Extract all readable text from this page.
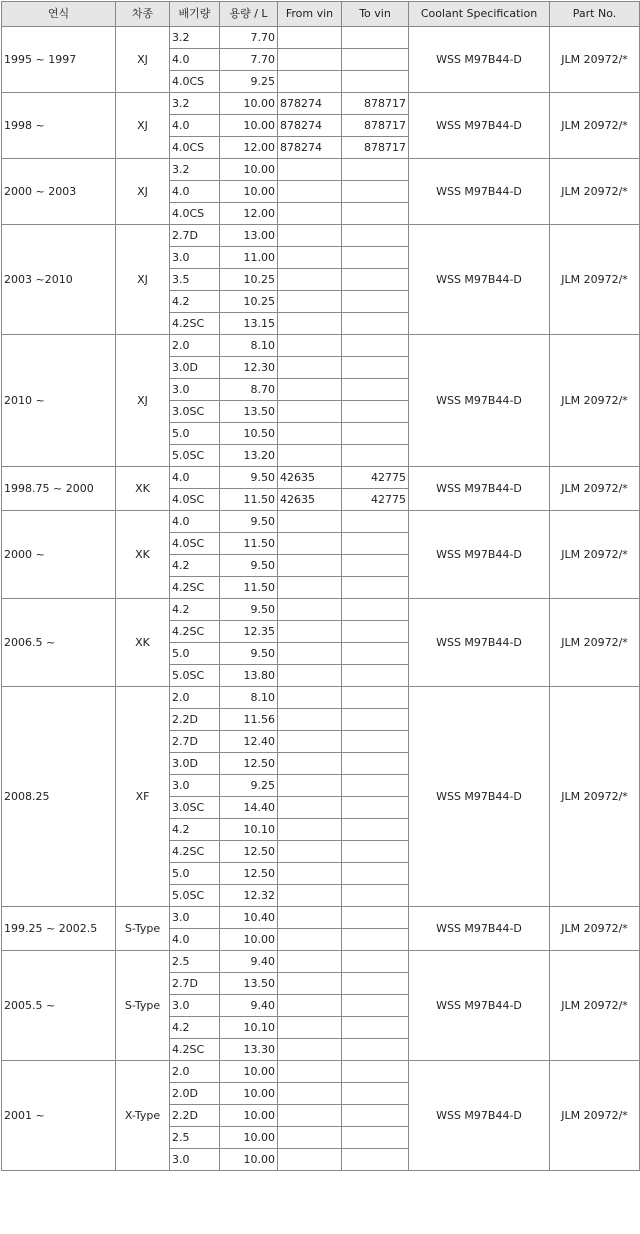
연식	차종	배기량	용량 / L	From vin	To vin	Coolant Specification	Part No.
1995 ~ 1997	XJ	3.2	7.70			WSS M97B44-D	JLM 20972/*
		4.0	7.70				
		4.0CS	9.25				
1998 ~	XJ	3.2	10.00	878274	878717	WSS M97B44-D	JLM 20972/*
		4.0	10.00	878274	878717		
		4.0CS	12.00	878274	878717		
2000 ~ 2003	XJ	3.2	10.00			WSS M97B44-D	JLM 20972/*
		4.0	10.00				
		4.0CS	12.00				
2003 ~2010	XJ	2.7D	13.00			WSS M97B44-D	JLM 20972/*
		3.0	11.00				
		3.5	10.25				
		4.2	10.25				
		4.2SC	13.15				
2010 ~	XJ	2.0	8.10			WSS M97B44-D	JLM 20972/*
		3.0D	12.30				
		3.0	8.70				
		3.0SC	13.50				
		5.0	10.50				
		5.0SC	13.20				
1998.75 ~ 2000	XK	4.0	9.50	42635	42775	WSS M97B44-D	JLM 20972/*
		4.0SC	11.50	42635	42775		
2000 ~	XK	4.0	9.50			WSS M97B44-D	JLM 20972/*
		4.0SC	11.50				
		4.2	9.50				
		4.2SC	11.50				
2006.5 ~	XK	4.2	9.50			WSS M97B44-D	JLM 20972/*
		4.2SC	12.35				
		5.0	9.50				
		5.0SC	13.80				
2008.25	XF	2.0	8.10			WSS M97B44-D	JLM 20972/*
		2.2D	11.56				
		2.7D	12.40				
		3.0D	12.50				
		3.0	9.25				
		3.0SC	14.40				
		4.2	10.10				
		4.2SC	12.50				
		5.0	12.50				
		5.0SC	12.32				
199.25 ~ 2002.5	S-Type	3.0	10.40			WSS M97B44-D	JLM 20972/*
		4.0	10.00				
2005.5 ~	S-Type	2.5	9.40			WSS M97B44-D	JLM 20972/*
		2.7D	13.50				
		3.0	9.40				
		4.2	10.10				
		4.2SC	13.30				
2001 ~	X-Type	2.0	10.00			WSS M97B44-D	JLM 20972/*
		2.0D	10.00				
		2.2D	10.00				
		2.5	10.00				
		3.0	10.00				
